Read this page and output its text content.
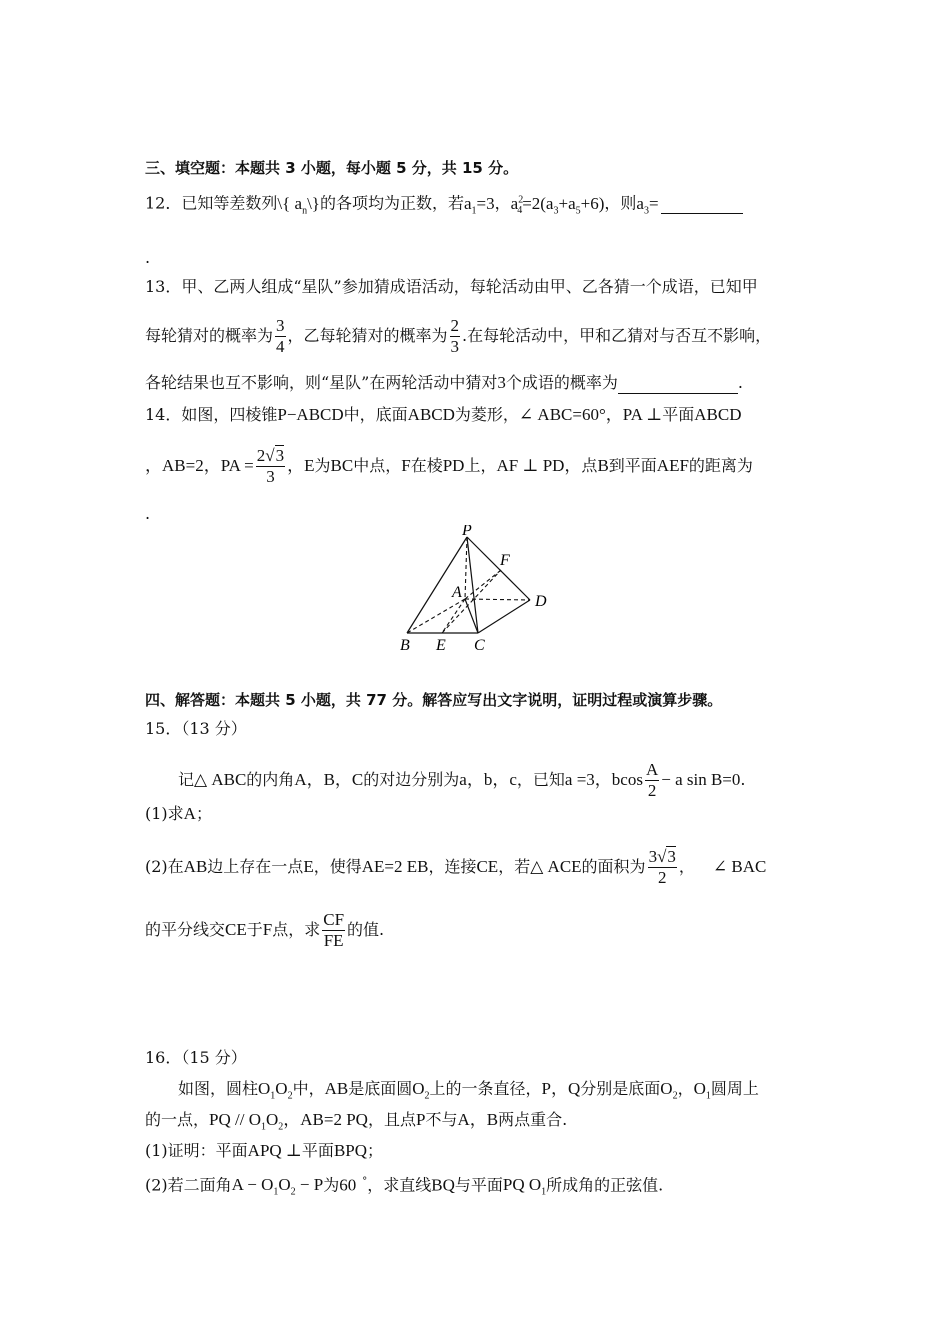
三、填空题：本题共 3 小题，每小题 5 分，共 15 分。
12．已知等差数列\{ $a_n\backslash$}的各项均为正数，若$a_1=3$，$a^2_4=2(a_3+a_5+6)$，则$a_3=$
.
13．甲、乙两人组成“星队”参加猜成语活动，每轮活动由甲、乙各猜一个成语，已知甲
每轮猜对的概率为 $\frac{3}{4}$ ，乙每轮猜对的概率为 $\frac{2}{3}$ .在每轮活动中，甲和乙猜对与否互不影响，
各轮结果也互不影响，则“星队”在两轮活动中猜对3个成语的概率为	.
14．如图，四棱锥P−ABCD中，底面ABCD为菱形，∠ ABC=60°，PA ⊥平面ABCD
，AB=2，PA = $\frac{2√3}{3}$ ，E为BC中点，F在棱PD上，AF ⊥ PD，点B到平面AEF的距离为
.
P
F
A
D
B E C
四、解答题：本题共 5 小题，共 77 分。解答应写出文字说明，证明过程或演算步骤。
15．（13 分）
记△ ABC的内角A，B，C的对边分别为a，b，c，已知a =3，bcos $\frac{A}{2} - a$ sin B=0.
(1)求A；
(2)在AB边上存在一点E，使得AE=2 EB，连接CE，若△ ACE的面积为 $\frac{3√3}{2}$ ， ∠ BAC
的平分线交CE于F点，求 $\frac{CF}{FE}$ 的值.
16．（15 分）
如图，圆柱$O_1O_2$中，AB是底面圆$O_2$上的一条直径，P，Q分别是底面$O_2$，$O_1$圆周上
的一点，PQ // $O_1O_2$，AB=2 PQ，且点P不与A，B两点重合.
(1)证明：平面APQ ⊥平面BPQ；
(2)若二面角$A - O_1O_2 - P$为60 °，求直线BQ与平面PQ $O_1$所成角的正弦值.
